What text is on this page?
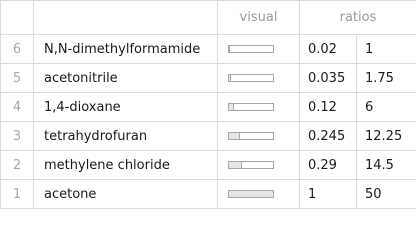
		visual	ratios	
6	N,N-dimethylformamide		0.02	1
5	acetonitrile		0.035	1.75
4	1,4-dioxane		0.12	6
3	tetrahydrofuran		0.245	12.25
2	methylene chloride		0.29	14.5
1	acetone		1	50
